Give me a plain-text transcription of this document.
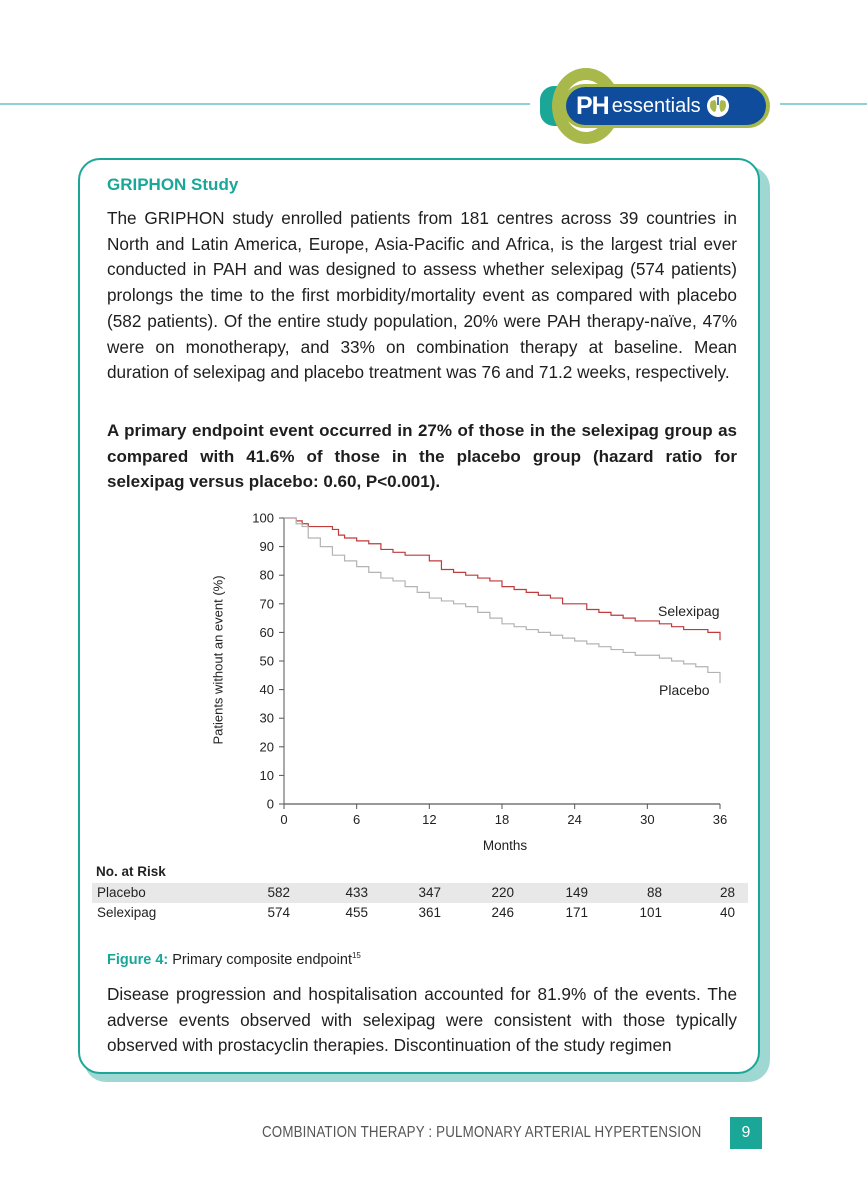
PH essentials
GRIPHON Study
The GRIPHON study enrolled patients from 181 centres across 39 countries in North and Latin America, Europe, Asia-Pacific and Africa, is the largest trial ever conducted in PAH and was designed to assess whether selexipag (574 patients) prolongs the time to the first morbidity/mortality event as compared with placebo (582 patients). Of the entire study population, 20% were PAH therapy-naïve, 47% were on monotherapy, and 33% on combination therapy at baseline. Mean duration of selexipag and placebo treatment was 76 and 71.2 weeks, respectively.
A primary endpoint event occurred in 27% of those in the selexipag group as compared with 41.6% of those in the placebo group (hazard ratio for selexipag versus placebo: 0.60, P<0.001).
0
10
20
30
40
50
60
70
80
90
100
0	6	12	18	24	30	36
Selexipag
Placebo
Patients without an event (%)
Months
No. at Risk
Placebo	582	433	347	220	149	88	28
Selexipag	574	455	361	246	171	101	40
Figure 4: Primary composite endpoint$^{15}$
Disease progression and hospitalisation accounted for 81.9% of the events. The adverse events observed with selexipag were consistent with those typically observed with prostacyclin therapies. Discontinuation of the study regimen
COMBINATION THERAPY : PULMONARY ARTERIAL HYPERTENSION	9
